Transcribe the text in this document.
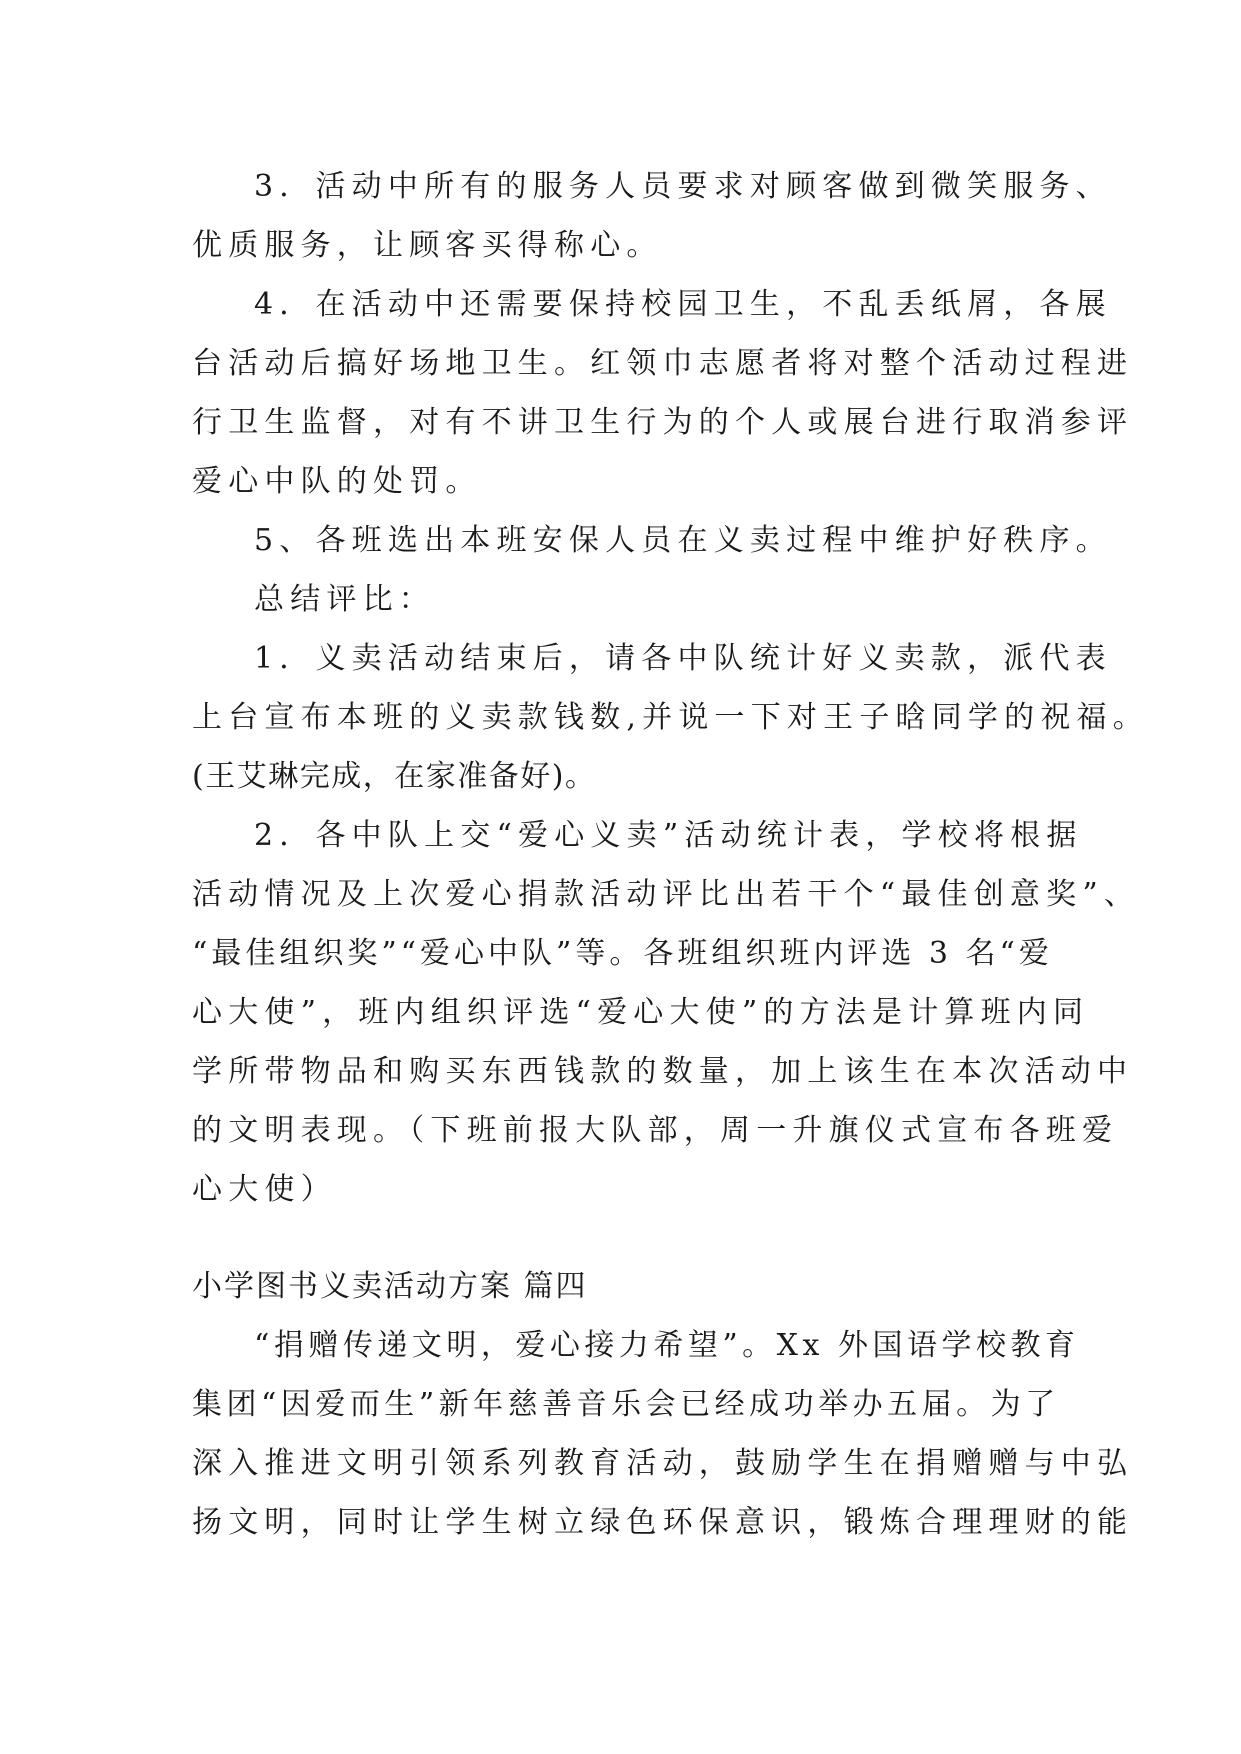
3．活动中所有的服务人员要求对顾客做到微笑服务、
优质服务，让顾客买得称心。
4．在活动中还需要保持校园卫生，不乱丢纸屑，各展
台活动后搞好场地卫生。红领巾志愿者将对整个活动过程进
行卫生监督，对有不讲卫生行为的个人或展台进行取消参评
爱心中队的处罚。
5、各班选出本班安保人员在义卖过程中维护好秩序。
总结评比：
1．义卖活动结束后，请各中队统计好义卖款，派代表
上台宣布本班的义卖款钱数,并说一下对王子晗同学的祝福。
(王艾琳完成，在家准备好)。
2．各中队上交“爱心义卖”活动统计表，学校将根据
活动情况及上次爱心捐款活动评比出若干个“最佳创意奖”、
“最佳组织奖”“爱心中队”等。各班组织班内评选 3 名“爱
心大使”，班内组织评选“爱心大使”的方法是计算班内同
学所带物品和购买东西钱款的数量，加上该生在本次活动中
的文明表现。（下班前报大队部，周一升旗仪式宣布各班爱
心大使）
小学图书义卖活动方案 篇四
“捐赠传递文明，爱心接力希望”。Xx 外国语学校教育
集团“因爱而生”新年慈善音乐会已经成功举办五届。为了
深入推进文明引领系列教育活动，鼓励学生在捐赠赠与中弘
扬文明，同时让学生树立绿色环保意识，锻炼合理理财的能
